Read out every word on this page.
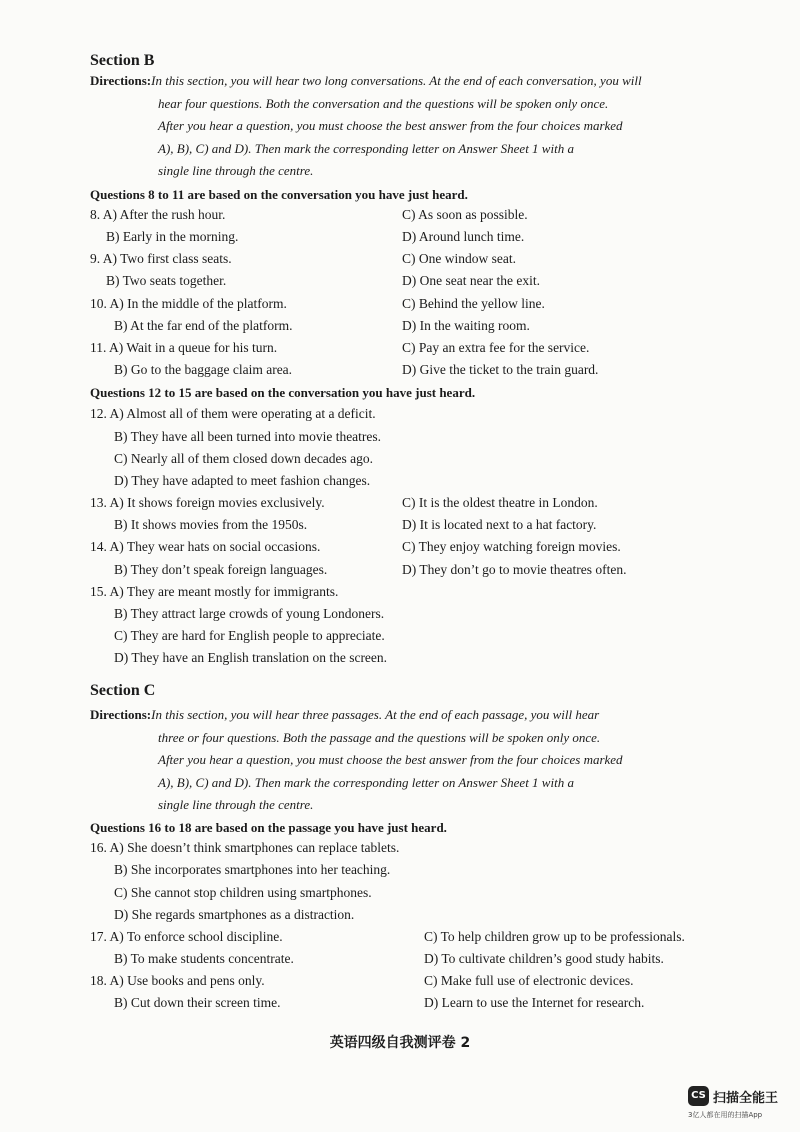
Section B
Directions:In this section, you will hear two long conversations. At the end of each conversation, you will
hear four questions. Both the conversation and the questions will be spoken only once.
After you hear a question, you must choose the best answer from the four choices marked
A), B), C) and D). Then mark the corresponding letter on Answer Sheet 1 with a
single line through the centre.
Questions 8 to 11 are based on the conversation you have just heard.
8. A) After the rush hour.	C) As soon as possible.
B) Early in the morning.	D) Around lunch time.
9. A) Two first class seats.	C) One window seat.
B) Two seats together.	D) One seat near the exit.
10. A) In the middle of the platform.	C) Behind the yellow line.
B) At the far end of the platform.	D) In the waiting room.
11. A) Wait in a queue for his turn.	C) Pay an extra fee for the service.
B) Go to the baggage claim area.	D) Give the ticket to the train guard.
Questions 12 to 15 are based on the conversation you have just heard.
12. A) Almost all of them were operating at a deficit.
B) They have all been turned into movie theatres.
C) Nearly all of them closed down decades ago.
D) They have adapted to meet fashion changes.
13. A) It shows foreign movies exclusively.	C) It is the oldest theatre in London.
B) It shows movies from the 1950s.	D) It is located next to a hat factory.
14. A) They wear hats on social occasions.	C) They enjoy watching foreign movies.
B) They don’t speak foreign languages.	D) They don’t go to movie theatres often.
15. A) They are meant mostly for immigrants.
B) They attract large crowds of young Londoners.
C) They are hard for English people to appreciate.
D) They have an English translation on the screen.
Section C
Directions:In this section, you will hear three passages. At the end of each passage, you will hear
three or four questions. Both the passage and the questions will be spoken only once.
After you hear a question, you must choose the best answer from the four choices marked
A), B), C) and D). Then mark the corresponding letter on Answer Sheet 1 with a
single line through the centre.
Questions 16 to 18 are based on the passage you have just heard.
16. A) She doesn’t think smartphones can replace tablets.
B) She incorporates smartphones into her teaching.
C) She cannot stop children using smartphones.
D) She regards smartphones as a distraction.
17. A) To enforce school discipline.	C) To help children grow up to be professionals.
B) To make students concentrate.	D) To cultivate children’s good study habits.
18. A) Use books and pens only.	C) Make full use of electronic devices.
B) Cut down their screen time.	D) Learn to use the Internet for research.
英语四级自我测评卷 2
CS 扫描全能王
3亿人都在用的扫描App
